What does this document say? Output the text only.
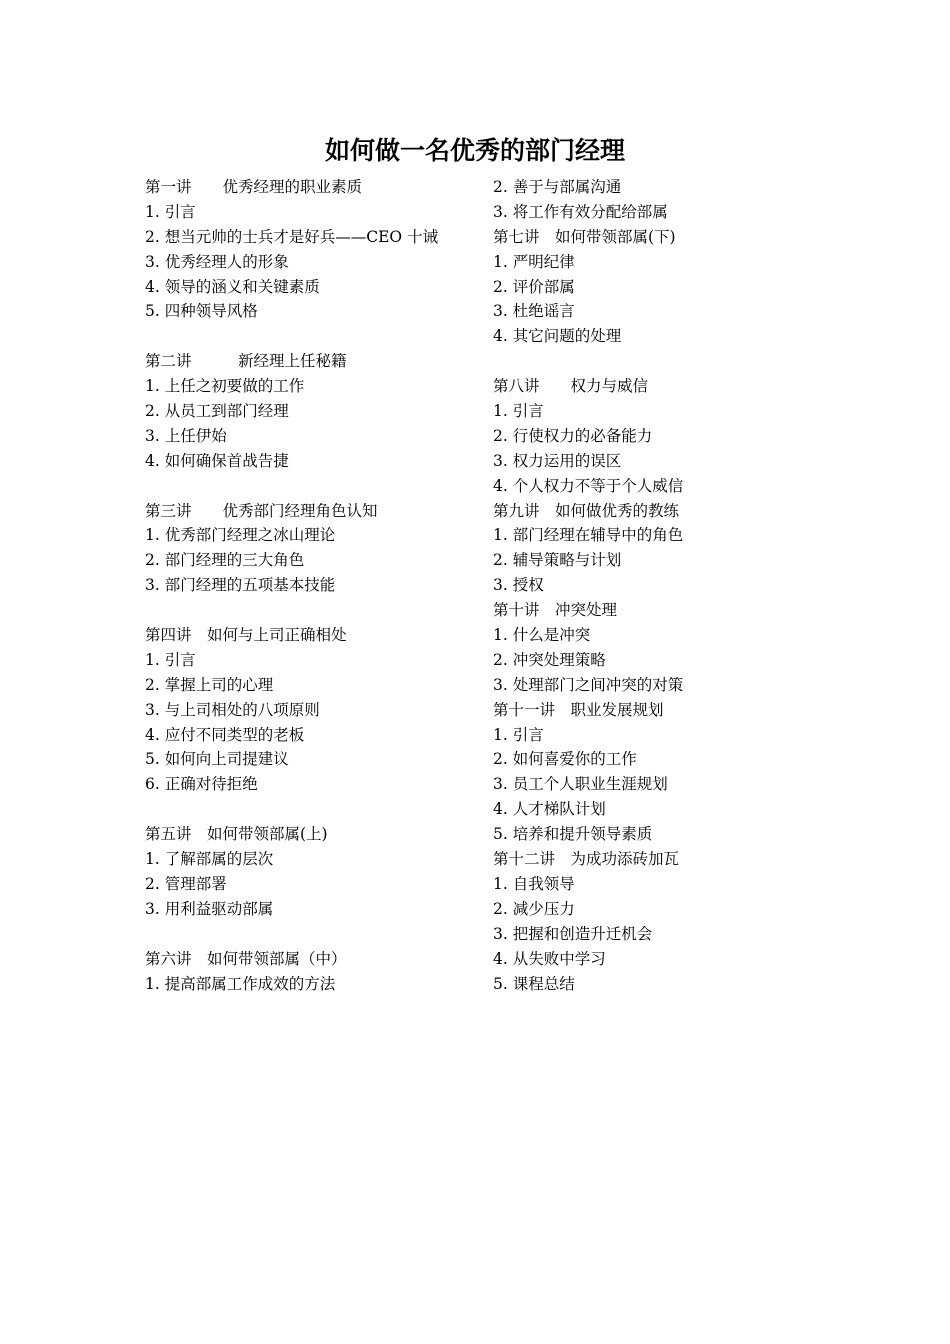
如何做一名优秀的部门经理
第一讲　　优秀经理的职业素质
1. 引言
2. 想当元帅的士兵才是好兵——CEO 十诫
3. 优秀经理人的形象
4. 领导的涵义和关键素质
5. 四种领导风格
第二讲　　　新经理上任秘籍
1. 上任之初要做的工作
2. 从员工到部门经理
3. 上任伊始
4. 如何确保首战告捷
第三讲　　优秀部门经理角色认知
1. 优秀部门经理之冰山理论
2. 部门经理的三大角色
3. 部门经理的五项基本技能
第四讲　如何与上司正确相处
1. 引言
2. 掌握上司的心理
3. 与上司相处的八项原则
4. 应付不同类型的老板
5. 如何向上司提建议
6. 正确对待拒绝
第五讲　如何带领部属(上)
1. 了解部属的层次
2. 管理部署
3. 用利益驱动部属
第六讲　如何带领部属（中）
1. 提高部属工作成效的方法
2. 善于与部属沟通
3. 将工作有效分配给部属
第七讲　如何带领部属(下)
1. 严明纪律
2. 评价部属
3. 杜绝谣言
4. 其它问题的处理
第八讲　　权力与威信
1. 引言
2. 行使权力的必备能力
3. 权力运用的误区
4. 个人权力不等于个人威信
第九讲　如何做优秀的教练
1. 部门经理在辅导中的角色
2. 辅导策略与计划
3. 授权
第十讲　冲突处理
1. 什么是冲突
2. 冲突处理策略
3. 处理部门之间冲突的对策
第十一讲　职业发展规划
1. 引言
2. 如何喜爱你的工作
3. 员工个人职业生涯规划
4. 人才梯队计划
5. 培养和提升领导素质
第十二讲　为成功添砖加瓦
1. 自我领导
2. 减少压力
3. 把握和创造升迁机会
4. 从失败中学习
5. 课程总结
